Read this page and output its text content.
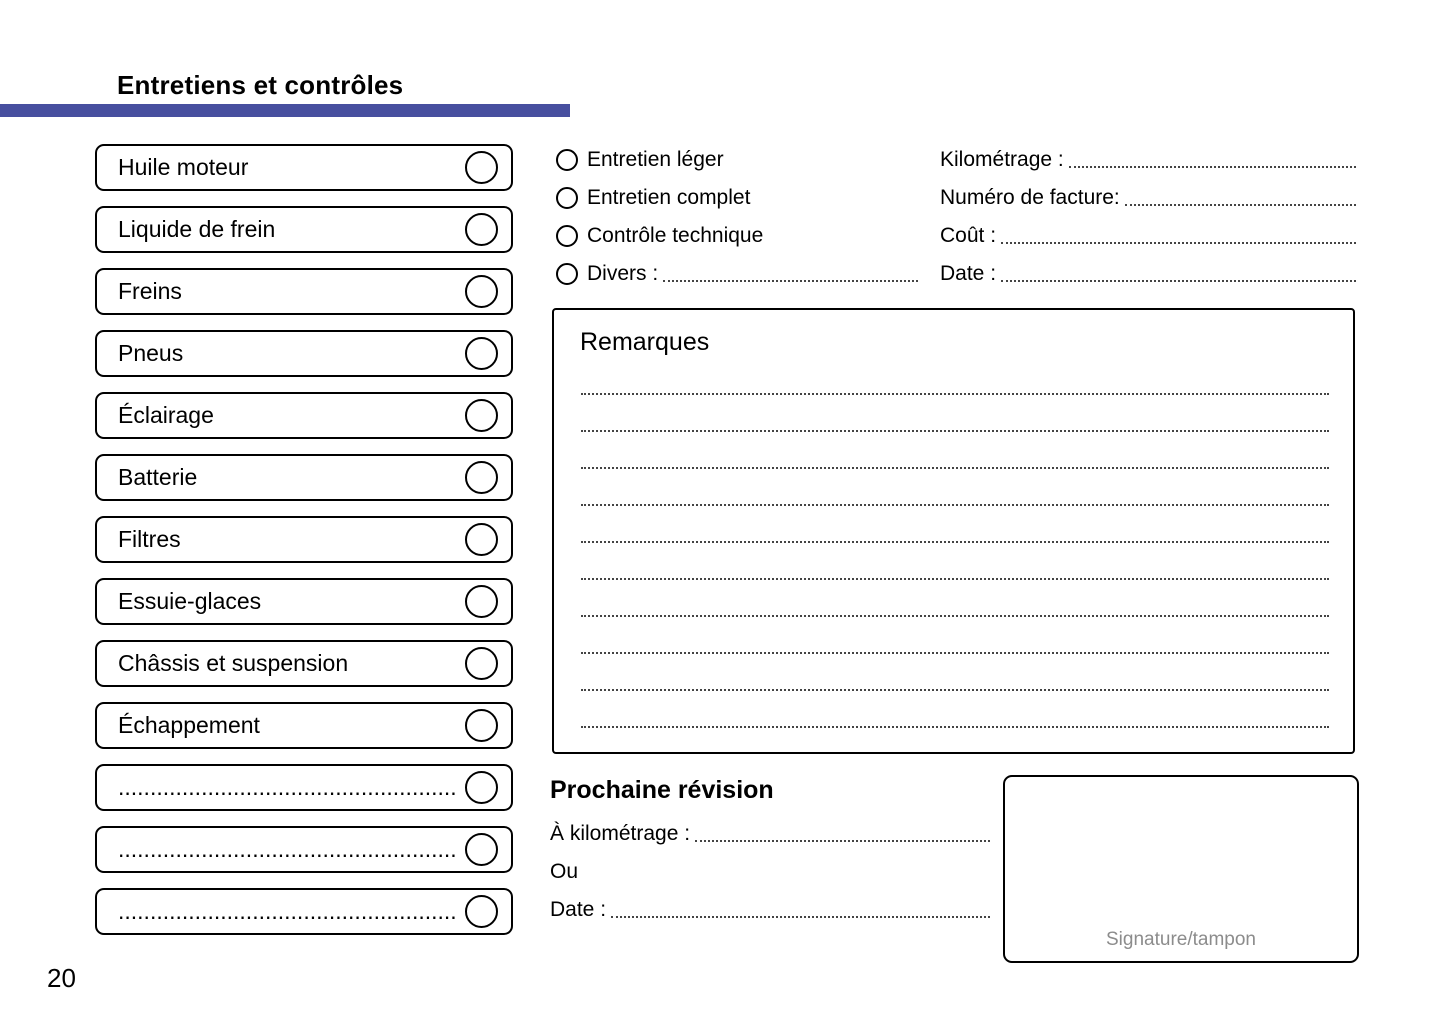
Entretiens et contrôles
Huile moteur
Liquide de frein
Freins
Pneus
Éclairage
Batterie
Filtres
Essuie-glaces
Châssis et suspension
Échappement
.....................................................
.....................................................
.....................................................
Entretien léger
Entretien complet
Contrôle technique
Divers :
Kilométrage :
Numéro de facture:
Coût :
Date :
Remarques
Prochaine révision
À kilométrage :
Ou
Date :
Signature/tampon
20
